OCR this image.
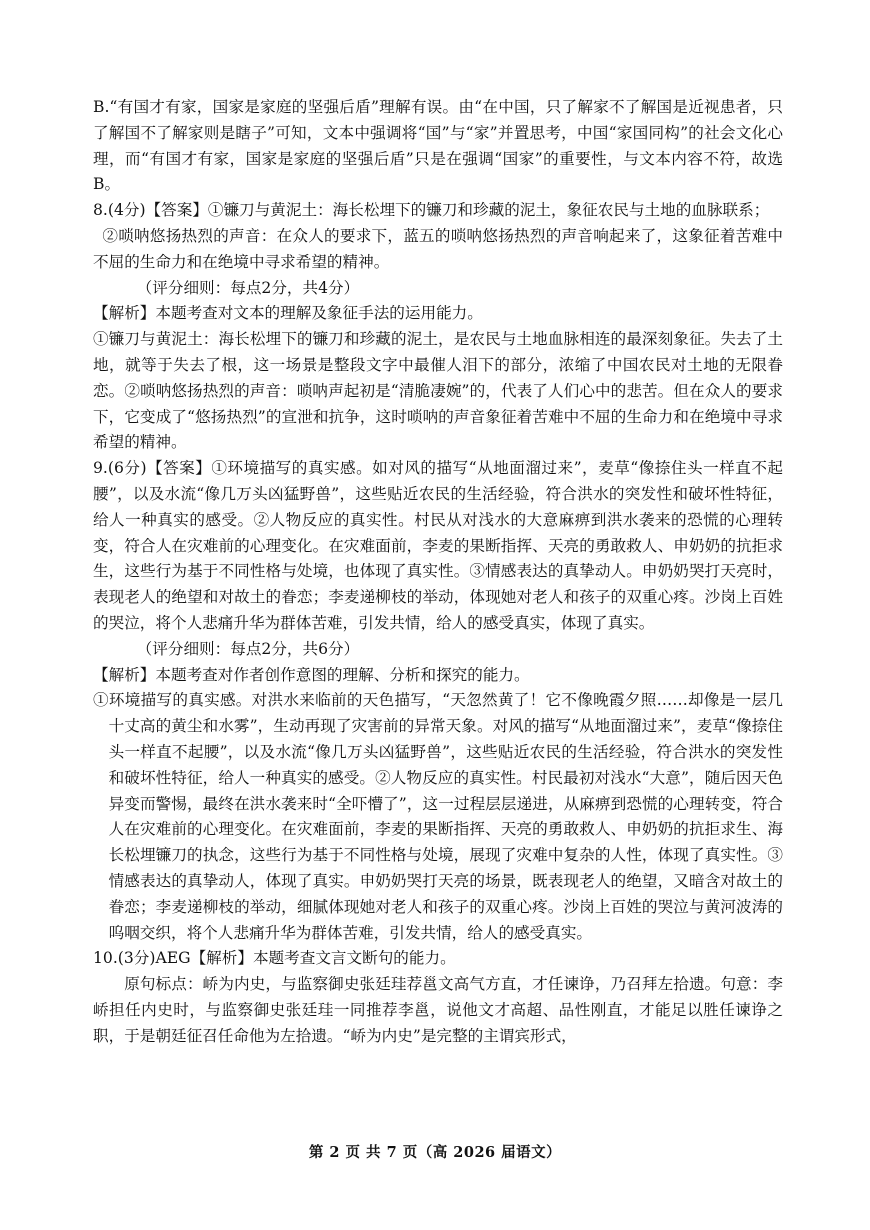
B.“有国才有家，国家是家庭的坚强后盾”理解有误。由“在中国，只了解家不了解国是近视患者，只了解国不了解家则是瞎子”可知，文本中强调将“国”与“家”并置思考，中国“家国同构”的社会文化心理，而“有国才有家，国家是家庭的坚强后盾”只是在强调“国家”的重要性，与文本内容不符，故选B。

8.(4分)【答案】①镰刀与黄泥土：海长松埋下的镰刀和珍藏的泥土，象征农民与土地的血脉联系；

②唢呐悠扬热烈的声音：在众人的要求下，蓝五的唢呐悠扬热烈的声音响起来了，这象征着苦难中不屈的生命力和在绝境中寻求希望的精神。

（评分细则：每点2分，共4分）

【解析】本题考查对文本的理解及象征手法的运用能力。

①镰刀与黄泥土：海长松埋下的镰刀和珍藏的泥土，是农民与土地血脉相连的最深刻象征。失去了土地，就等于失去了根，这一场景是整段文字中最催人泪下的部分，浓缩了中国农民对土地的无限眷恋。②唢呐悠扬热烈的声音：唢呐声起初是“清脆凄婉”的，代表了人们心中的悲苦。但在众人的要求下，它变成了“悠扬热烈”的宣泄和抗争，这时唢呐的声音象征着苦难中不屈的生命力和在绝境中寻求希望的精神。

9.(6分)【答案】①环境描写的真实感。如对风的描写“从地面溜过来”，麦草“像捺住头一样直不起腰”，以及水流“像几万头凶猛野兽”，这些贴近农民的生活经验，符合洪水的突发性和破坏性特征，给人一种真实的感受。②人物反应的真实性。村民从对浅水的大意麻痹到洪水袭来的恐慌的心理转变，符合人在灾难前的心理变化。在灾难面前，李麦的果断指挥、天亮的勇敢救人、申奶奶的抗拒求生，这些行为基于不同性格与处境，也体现了真实性。③情感表达的真挚动人。申奶奶哭打天亮时，表现老人的绝望和对故土的眷恋；李麦递柳枝的举动，体现她对老人和孩子的双重心疼。沙岗上百姓的哭泣，将个人悲痛升华为群体苦难，引发共情，给人的感受真实，体现了真实。

（评分细则：每点2分，共6分）

【解析】本题考查对作者创作意图的理解、分析和探究的能力。

①环境描写的真实感。对洪水来临前的天色描写，“天忽然黄了！它不像晚霞夕照……却像是一层几十丈高的黄尘和水雾”，生动再现了灾害前的异常天象。对风的描写“从地面溜过来”，麦草“像捺住头一样直不起腰”，以及水流“像几万头凶猛野兽”，这些贴近农民的生活经验，符合洪水的突发性和破坏性特征，给人一种真实的感受。②人物反应的真实性。村民最初对浅水“大意”，随后因天色异变而警惕，最终在洪水袭来时“全吓懵了”，这一过程层层递进，从麻痹到恐慌的心理转变，符合人在灾难前的心理变化。在灾难面前，李麦的果断指挥、天亮的勇敢救人、申奶奶的抗拒求生、海长松埋镰刀的执念，这些行为基于不同性格与处境，展现了灾难中复杂的人性，体现了真实性。③情感表达的真挚动人，体现了真实。申奶奶哭打天亮的场景，既表现老人的绝望，又暗含对故土的眷恋；李麦递柳枝的举动，细腻体现她对老人和孩子的双重心疼。沙岗上百姓的哭泣与黄河波涛的呜咽交织，将个人悲痛升华为群体苦难，引发共情，给人的感受真实。

10.(3分)AEG【解析】本题考查文言文断句的能力。

原句标点：峤为内史，与监察御史张廷珪荐邕文高气方直，才任谏诤，乃召拜左拾遗。句意：李峤担任内史时，与监察御史张廷珪一同推荐李邕，说他文才高超、品性刚直，才能足以胜任谏诤之职，于是朝廷征召任命他为左拾遗。“峤为内史”是完整的主谓宾形式，

第 2 页 共 7 页（高 2026 届语文）
